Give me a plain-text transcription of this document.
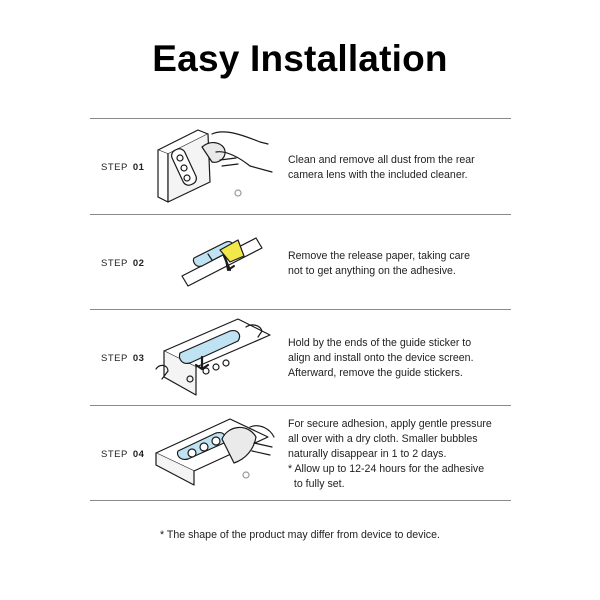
Easy Installation
STEP 01
Clean and remove all dust from the rear
camera lens with the included cleaner.
STEP 02
Remove the release paper, taking care
not to get anything on the adhesive.
STEP 03
Hold by the ends of the guide sticker to
align and install onto the device screen.
Afterward, remove the guide stickers.
STEP 04
For secure adhesion, apply gentle pressure
all over with a dry cloth. Smaller bubbles
naturally disappear in 1 to 2 days.
* Allow up to 12-24 hours for the adhesive
to fully set.
* The shape of the product may differ from device to device.
